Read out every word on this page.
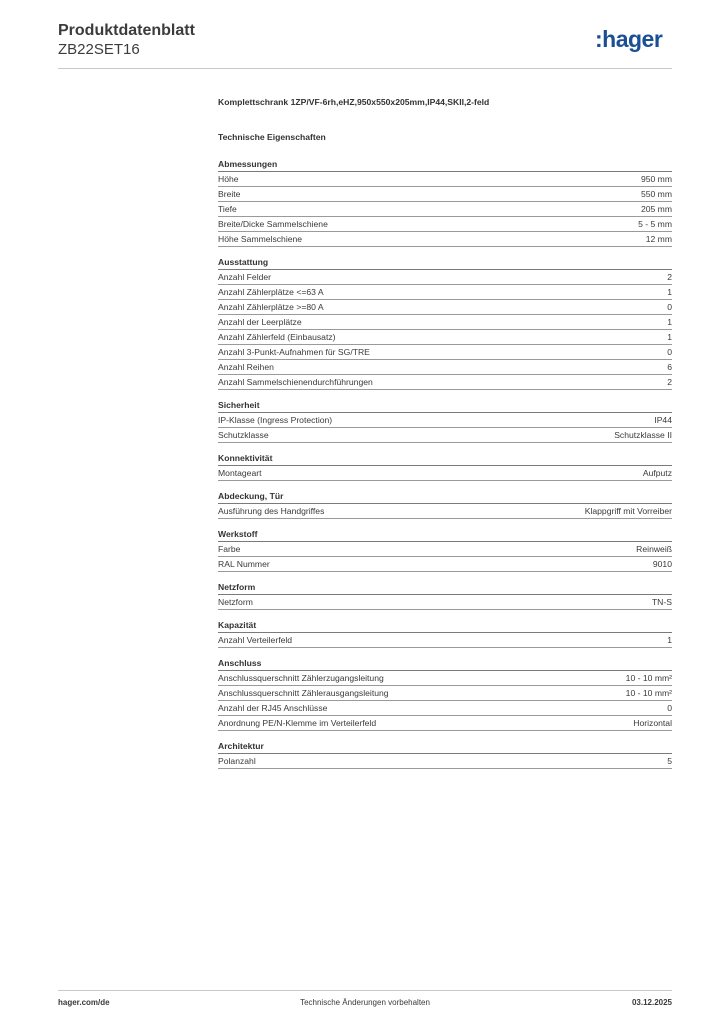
Produktdatenblatt
ZB22SET16	:hager
Komplettschrank 1ZP/VF-6rh,eHZ,950x550x205mm,IP44,SKII,2-feld
Technische Eigenschaften
Abmessungen
Höhe	950 mm
Breite	550 mm
Tiefe	205 mm
Breite/Dicke Sammelschiene	5 - 5 mm
Höhe Sammelschiene	12 mm
Ausstattung
Anzahl Felder	2
Anzahl Zählerplätze <=63 A	1
Anzahl Zählerplätze >=80 A	0
Anzahl der Leerplätze	1
Anzahl Zählerfeld (Einbausatz)	1
Anzahl 3-Punkt-Aufnahmen für SG/TRE	0
Anzahl Reihen	6
Anzahl Sammelschienendurchführungen	2
Sicherheit
IP-Klasse (Ingress Protection)	IP44
Schutzklasse	Schutzklasse II
Konnektivität
Montageart	Aufputz
Abdeckung, Tür
Ausführung des Handgriffes	Klappgriff mit Vorreiber
Werkstoff
Farbe	Reinweiß
RAL Nummer	9010
Netzform
Netzform	TN-S
Kapazität
Anzahl Verteilerfeld	1
Anschluss
Anschlussquerschnitt Zählerzugangsleitung	10 - 10 mm²
Anschlussquerschnitt Zählerausgangsleitung	10 - 10 mm²
Anzahl der RJ45 Anschlüsse	0
Anordnung PE/N-Klemme im Verteilerfeld	Horizontal
Architektur
Polanzahl	5
hager.com/de	Technische Änderungen vorbehalten	03.12.2025
